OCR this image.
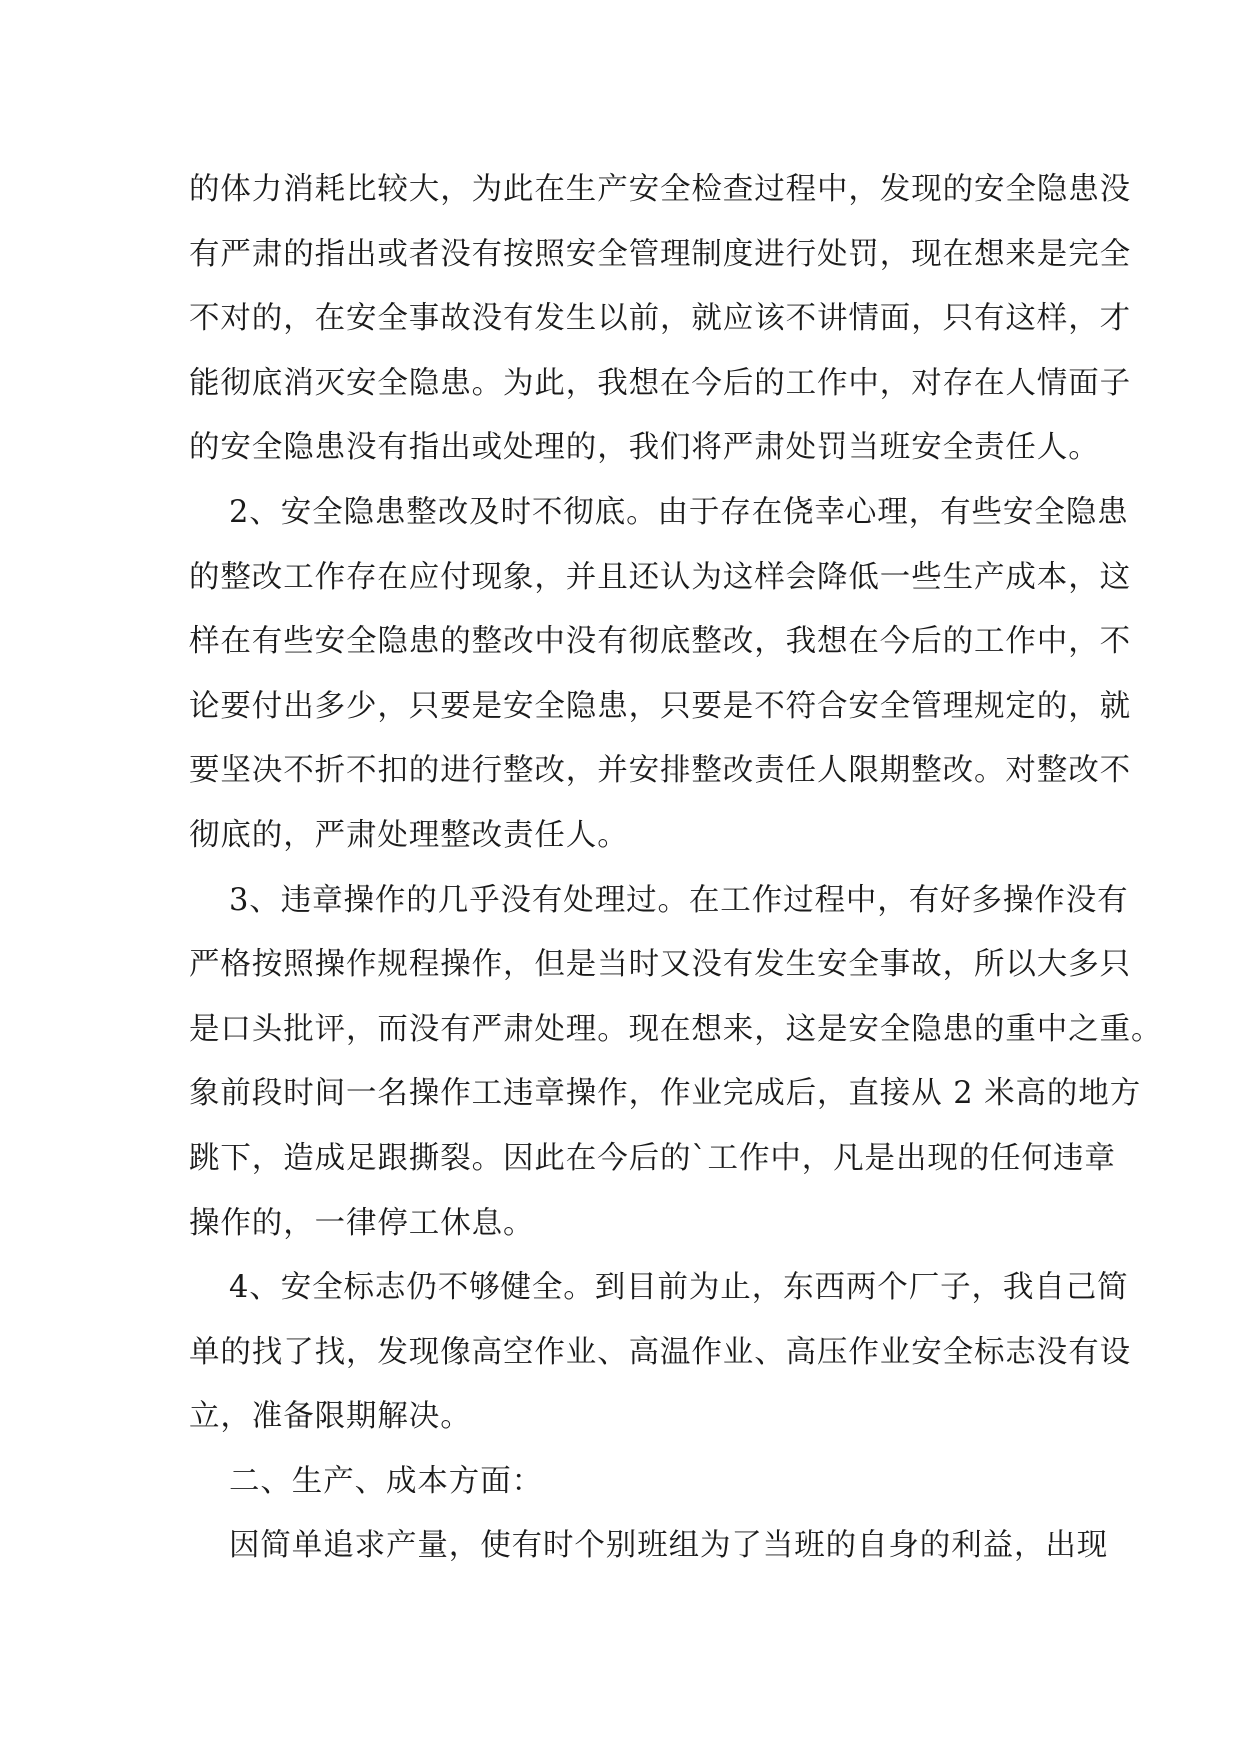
的体力消耗比较大，为此在生产安全检查过程中，发现的安全隐患没
有严肃的指出或者没有按照安全管理制度进行处罚，现在想来是完全
不对的，在安全事故没有发生以前，就应该不讲情面，只有这样，才
能彻底消灭安全隐患。为此，我想在今后的工作中，对存在人情面子
的安全隐患没有指出或处理的，我们将严肃处罚当班安全责任人。
2、安全隐患整改及时不彻底。由于存在侥幸心理，有些安全隐患
的整改工作存在应付现象，并且还认为这样会降低一些生产成本，这
样在有些安全隐患的整改中没有彻底整改，我想在今后的工作中，不
论要付出多少，只要是安全隐患，只要是不符合安全管理规定的，就
要坚决不折不扣的进行整改，并安排整改责任人限期整改。对整改不
彻底的，严肃处理整改责任人。
3、违章操作的几乎没有处理过。在工作过程中，有好多操作没有
严格按照操作规程操作，但是当时又没有发生安全事故，所以大多只
是口头批评，而没有严肃处理。现在想来，这是安全隐患的重中之重。
象前段时间一名操作工违章操作，作业完成后，直接从 2 米高的地方
跳下，造成足跟撕裂。因此在今后的`工作中，凡是出现的任何违章
操作的，一律停工休息。
4、安全标志仍不够健全。到目前为止，东西两个厂子，我自己简
单的找了找，发现像高空作业、高温作业、高压作业安全标志没有设
立，准备限期解决。
二、生产、成本方面：
因简单追求产量，使有时个别班组为了当班的自身的利益，出现
